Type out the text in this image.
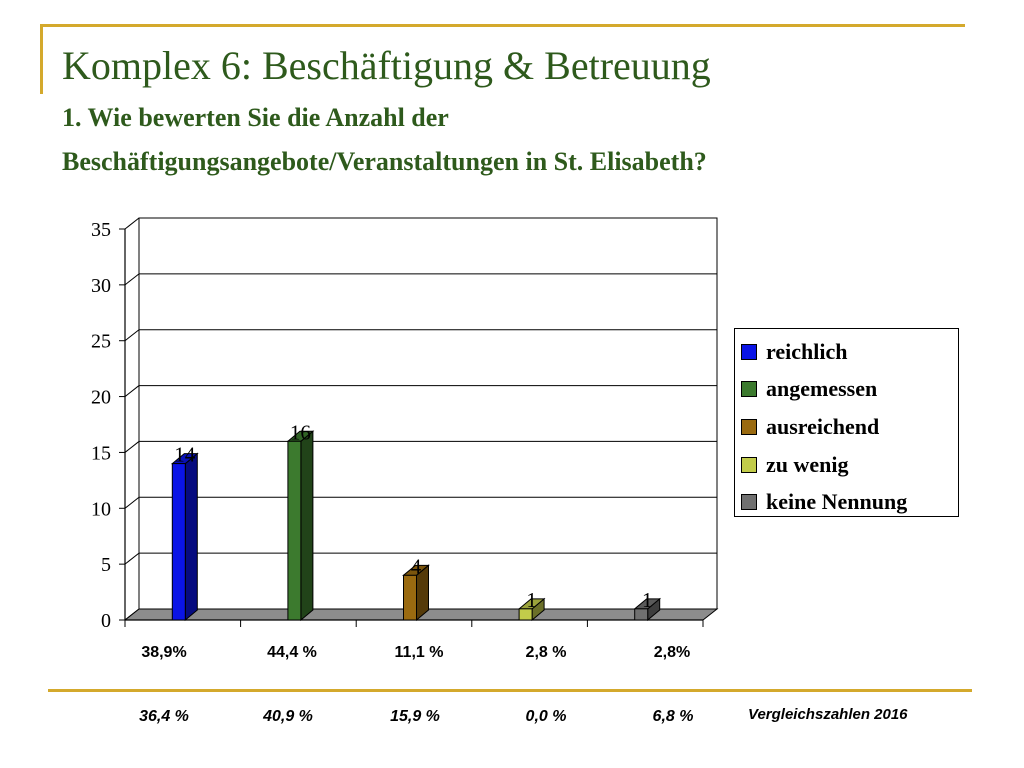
Komplex 6: Beschäftigung & Betreuung
1. Wie bewerten Sie die Anzahl der
Beschäftigungsangebote/Veranstaltungen in St. Elisabeth?
0
5
10
15
20
25
30
35
14
16
4
1	1
reichlich
angemessen
ausreichend
zu wenig
keine Nennung
38,9%	44,4 %	11,1 %	2,8 %	2,8%
36,4 %	40,9 %	15,9 %	0,0 %	6,8 %	Vergleichszahlen 2016
